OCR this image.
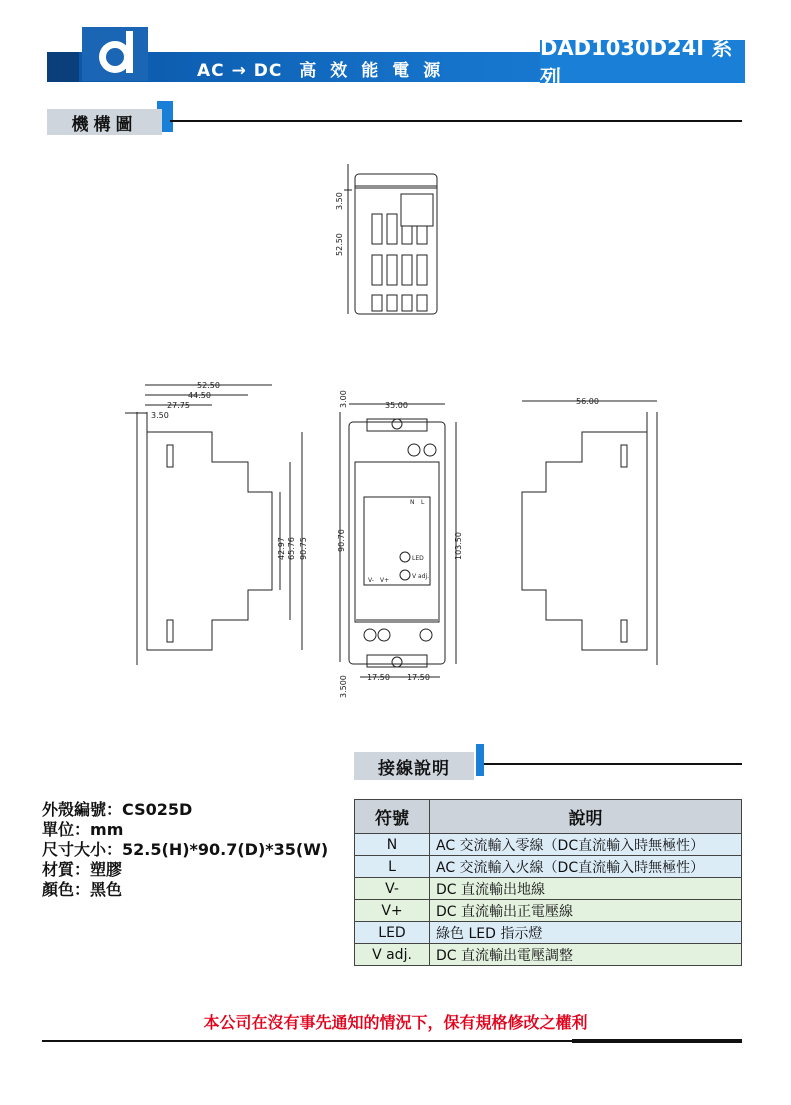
AC → DC 高效能電源
DAD1030D24I 系列
機構圖
3.50
52.50
52.50
44.50
27.75
3.50
42.97 65.76 90.75
3.00	35.00
90.70	103.50
3.500 17.50 17.50
N L
LED
V adj.
V- V+
56.00
接線說明
外殼編號：CS025D
單位：mm
尺寸大小：52.5(H)*90.7(D)*35(W)
材質：塑膠
顏色：黑色
符號	說明
N	AC 交流輸入零線（DC直流輸入時無極性）
L	AC 交流輸入火線（DC直流輸入時無極性）
V-	DC 直流輸出地線
V+	DC 直流輸出正電壓線
LED	綠色 LED 指示燈
V adj.	DC 直流輸出電壓調整
本公司在沒有事先通知的情況下，保有規格修改之權利
